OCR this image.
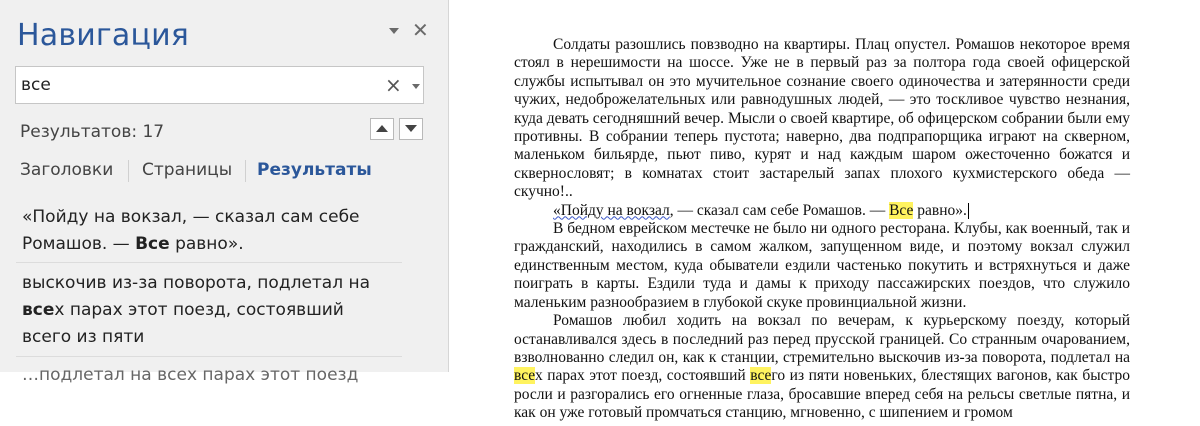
Навигация	✕
все
×
Результатов: 17
Заголовки Страницы Результаты
«Пойду на вокзал, — сказал сам себе Ромашов. — Все равно».
выскочив из-за поворота, подлетал на всех парах этот поезд, состоявший всего из пяти
…подлетал на всех парах этот поезд

Солдаты разошлись повзводно на квартиры. Плац опустел. Ромашов некоторое время стоял в нерешимости на шоссе. Уже не в первый раз за полтора года своей офицерской службы испытывал он это мучительное сознание своего одиночества и затерянности среди чужих, недоброжелательных или равнодушных людей, — это тоскливое чувство незнания, куда девать сегодняшний вечер. Мысли о своей квартире, об офицерском собрании были ему противны. В собрании теперь пустота; наверно, два подпрапорщика играют на скверном, маленьком бильярде, пьют пиво, курят и над каждым шаром ожесточенно божатся и сквернословят; в комнатах стоит застарелый запах плохого кухмистерского обеда — скучно!..

«Пойду на вокзал, — сказал сам себе Ромашов. — Все равно».

В бедном еврейском местечке не было ни одного ресторана. Клубы, как военный, так и гражданский, находились в самом жалком, запущенном виде, и поэтому вокзал служил единственным местом, куда обыватели ездили частенько покутить и встряхнуться и даже поиграть в карты. Ездили туда и дамы к приходу пассажирских поездов, что служило маленьким разнообразием в глубокой скуке провинциальной жизни.

Ромашов любил ходить на вокзал по вечерам, к курьерскому поезду, который останавливался здесь в последний раз перед прусской границей. Со странным очарованием, взволнованно следил он, как к станции, стремительно выскочив из-за поворота, подлетал на всех парах этот поезд, состоявший всего из пяти новеньких, блестящих вагонов, как быстро росли и разгорались его огненные глаза, бросавшие вперед себя на рельсы светлые пятна, и как он уже готовый промчаться станцию, мгновенно, с шипением и громом
